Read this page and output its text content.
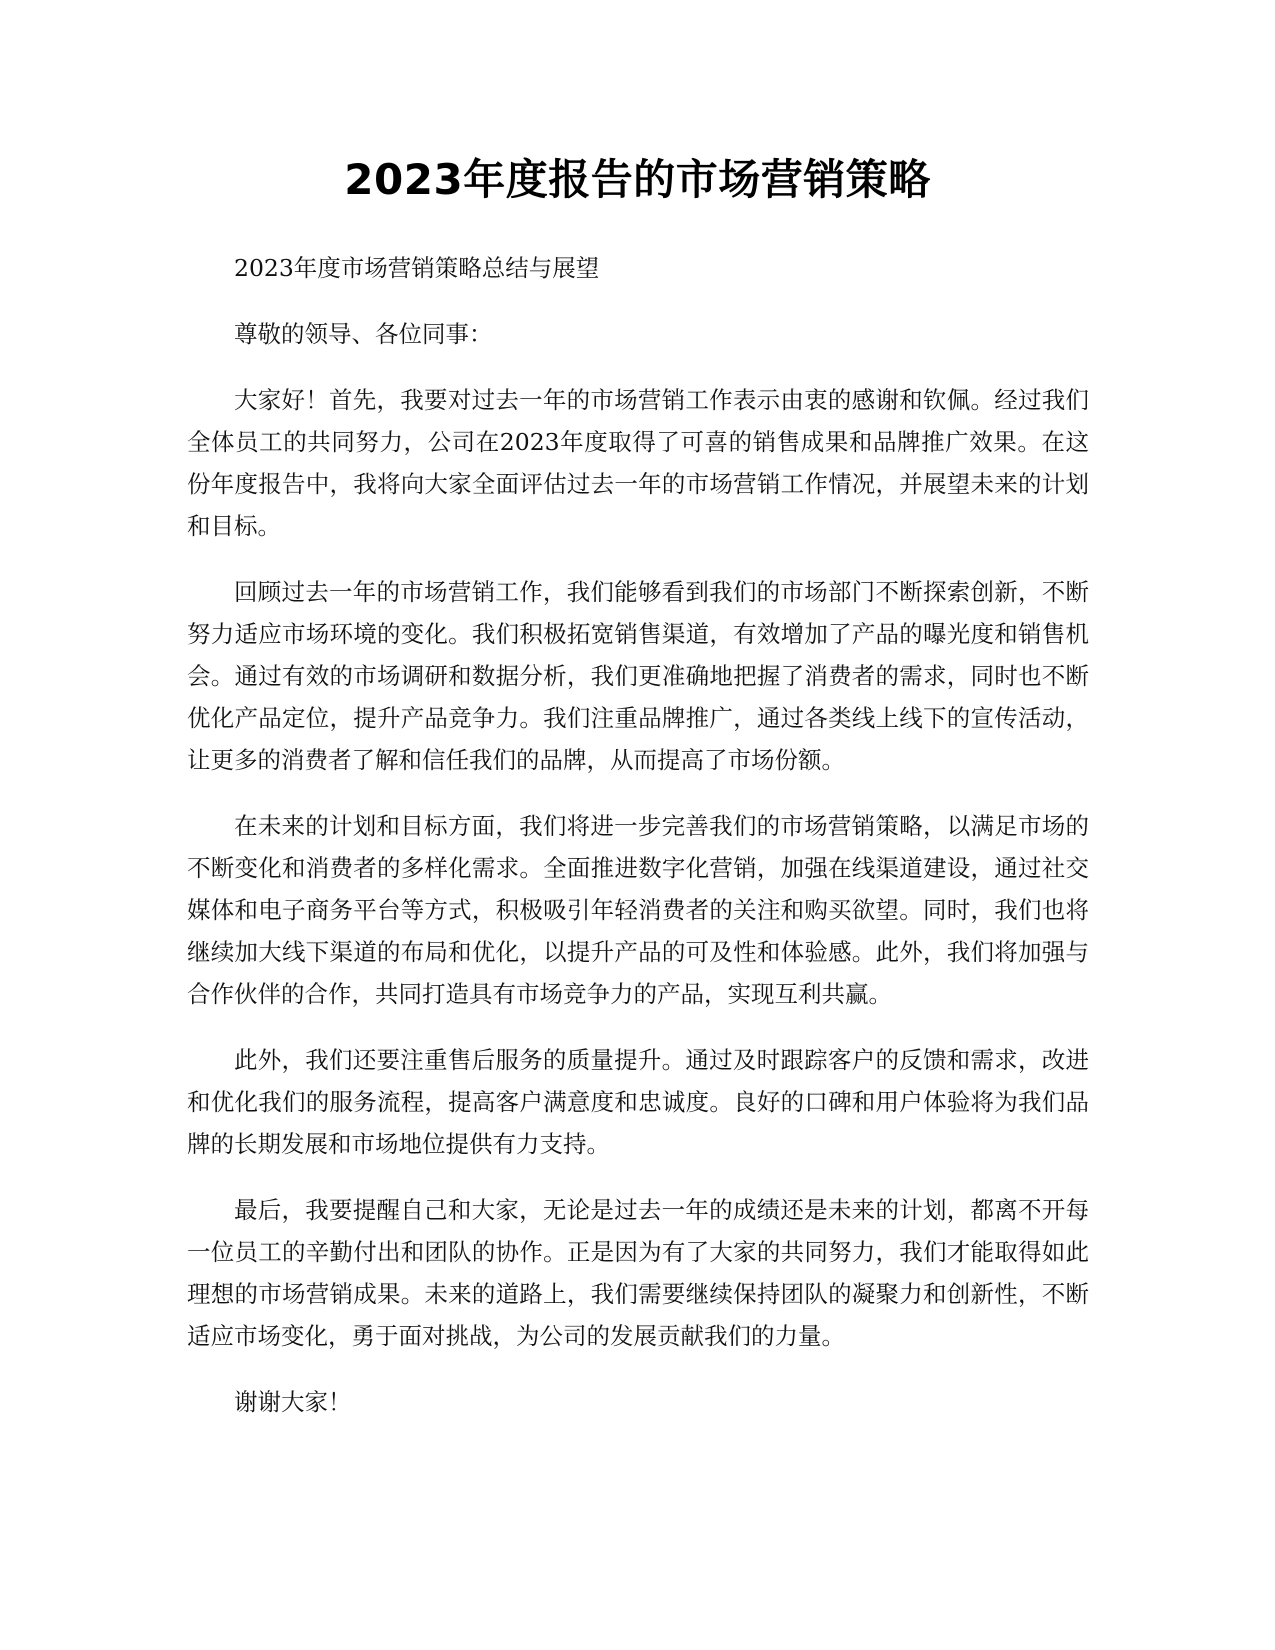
2023年度报告的市场营销策略

2023年度市场营销策略总结与展望

尊敬的领导、各位同事：

大家好！首先，我要对过去一年的市场营销工作表示由衷的感谢和钦佩。经过我们全体员工的共同努力，公司在2023年度取得了可喜的销售成果和品牌推广效果。在这份年度报告中，我将向大家全面评估过去一年的市场营销工作情况，并展望未来的计划和目标。

回顾过去一年的市场营销工作，我们能够看到我们的市场部门不断探索创新，不断努力适应市场环境的变化。我们积极拓宽销售渠道，有效增加了产品的曝光度和销售机会。通过有效的市场调研和数据分析，我们更准确地把握了消费者的需求，同时也不断优化产品定位，提升产品竞争力。我们注重品牌推广，通过各类线上线下的宣传活动，让更多的消费者了解和信任我们的品牌，从而提高了市场份额。

在未来的计划和目标方面，我们将进一步完善我们的市场营销策略，以满足市场的不断变化和消费者的多样化需求。全面推进数字化营销，加强在线渠道建设，通过社交媒体和电子商务平台等方式，积极吸引年轻消费者的关注和购买欲望。同时，我们也将继续加大线下渠道的布局和优化，以提升产品的可及性和体验感。此外，我们将加强与合作伙伴的合作，共同打造具有市场竞争力的产品，实现互利共赢。

此外，我们还要注重售后服务的质量提升。通过及时跟踪客户的反馈和需求，改进和优化我们的服务流程，提高客户满意度和忠诚度。良好的口碑和用户体验将为我们品牌的长期发展和市场地位提供有力支持。

最后，我要提醒自己和大家，无论是过去一年的成绩还是未来的计划，都离不开每一位员工的辛勤付出和团队的协作。正是因为有了大家的共同努力，我们才能取得如此理想的市场营销成果。未来的道路上，我们需要继续保持团队的凝聚力和创新性，不断适应市场变化，勇于面对挑战，为公司的发展贡献我们的力量。

谢谢大家！
